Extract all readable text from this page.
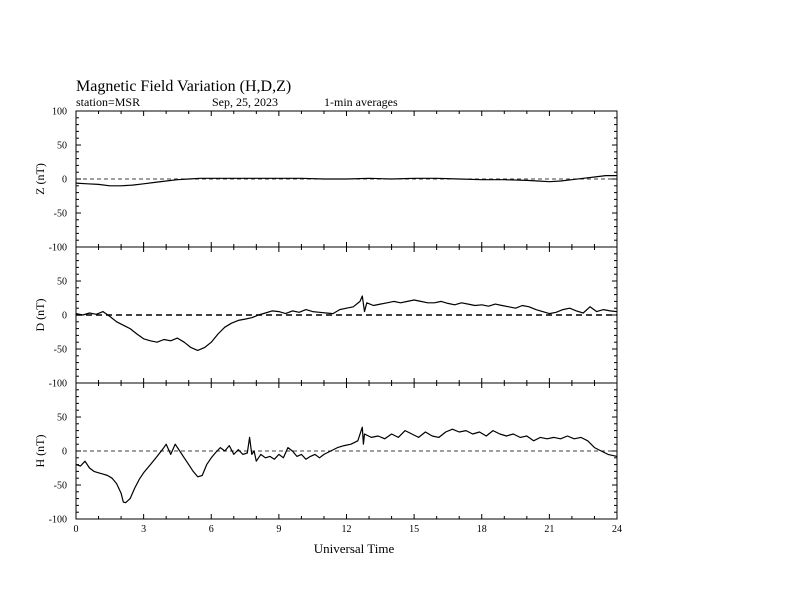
Magnetic Field Variation (H,D,Z)
station=MSR	Sep, 25, 2023	1-min averages
Universal Time
100
50
0
-50
-100
Z (nT)
50
0
-50
-100
D (nT)
50
0
-50
-100
H (nT)
0	3	6	9	12	15	18	21	24
